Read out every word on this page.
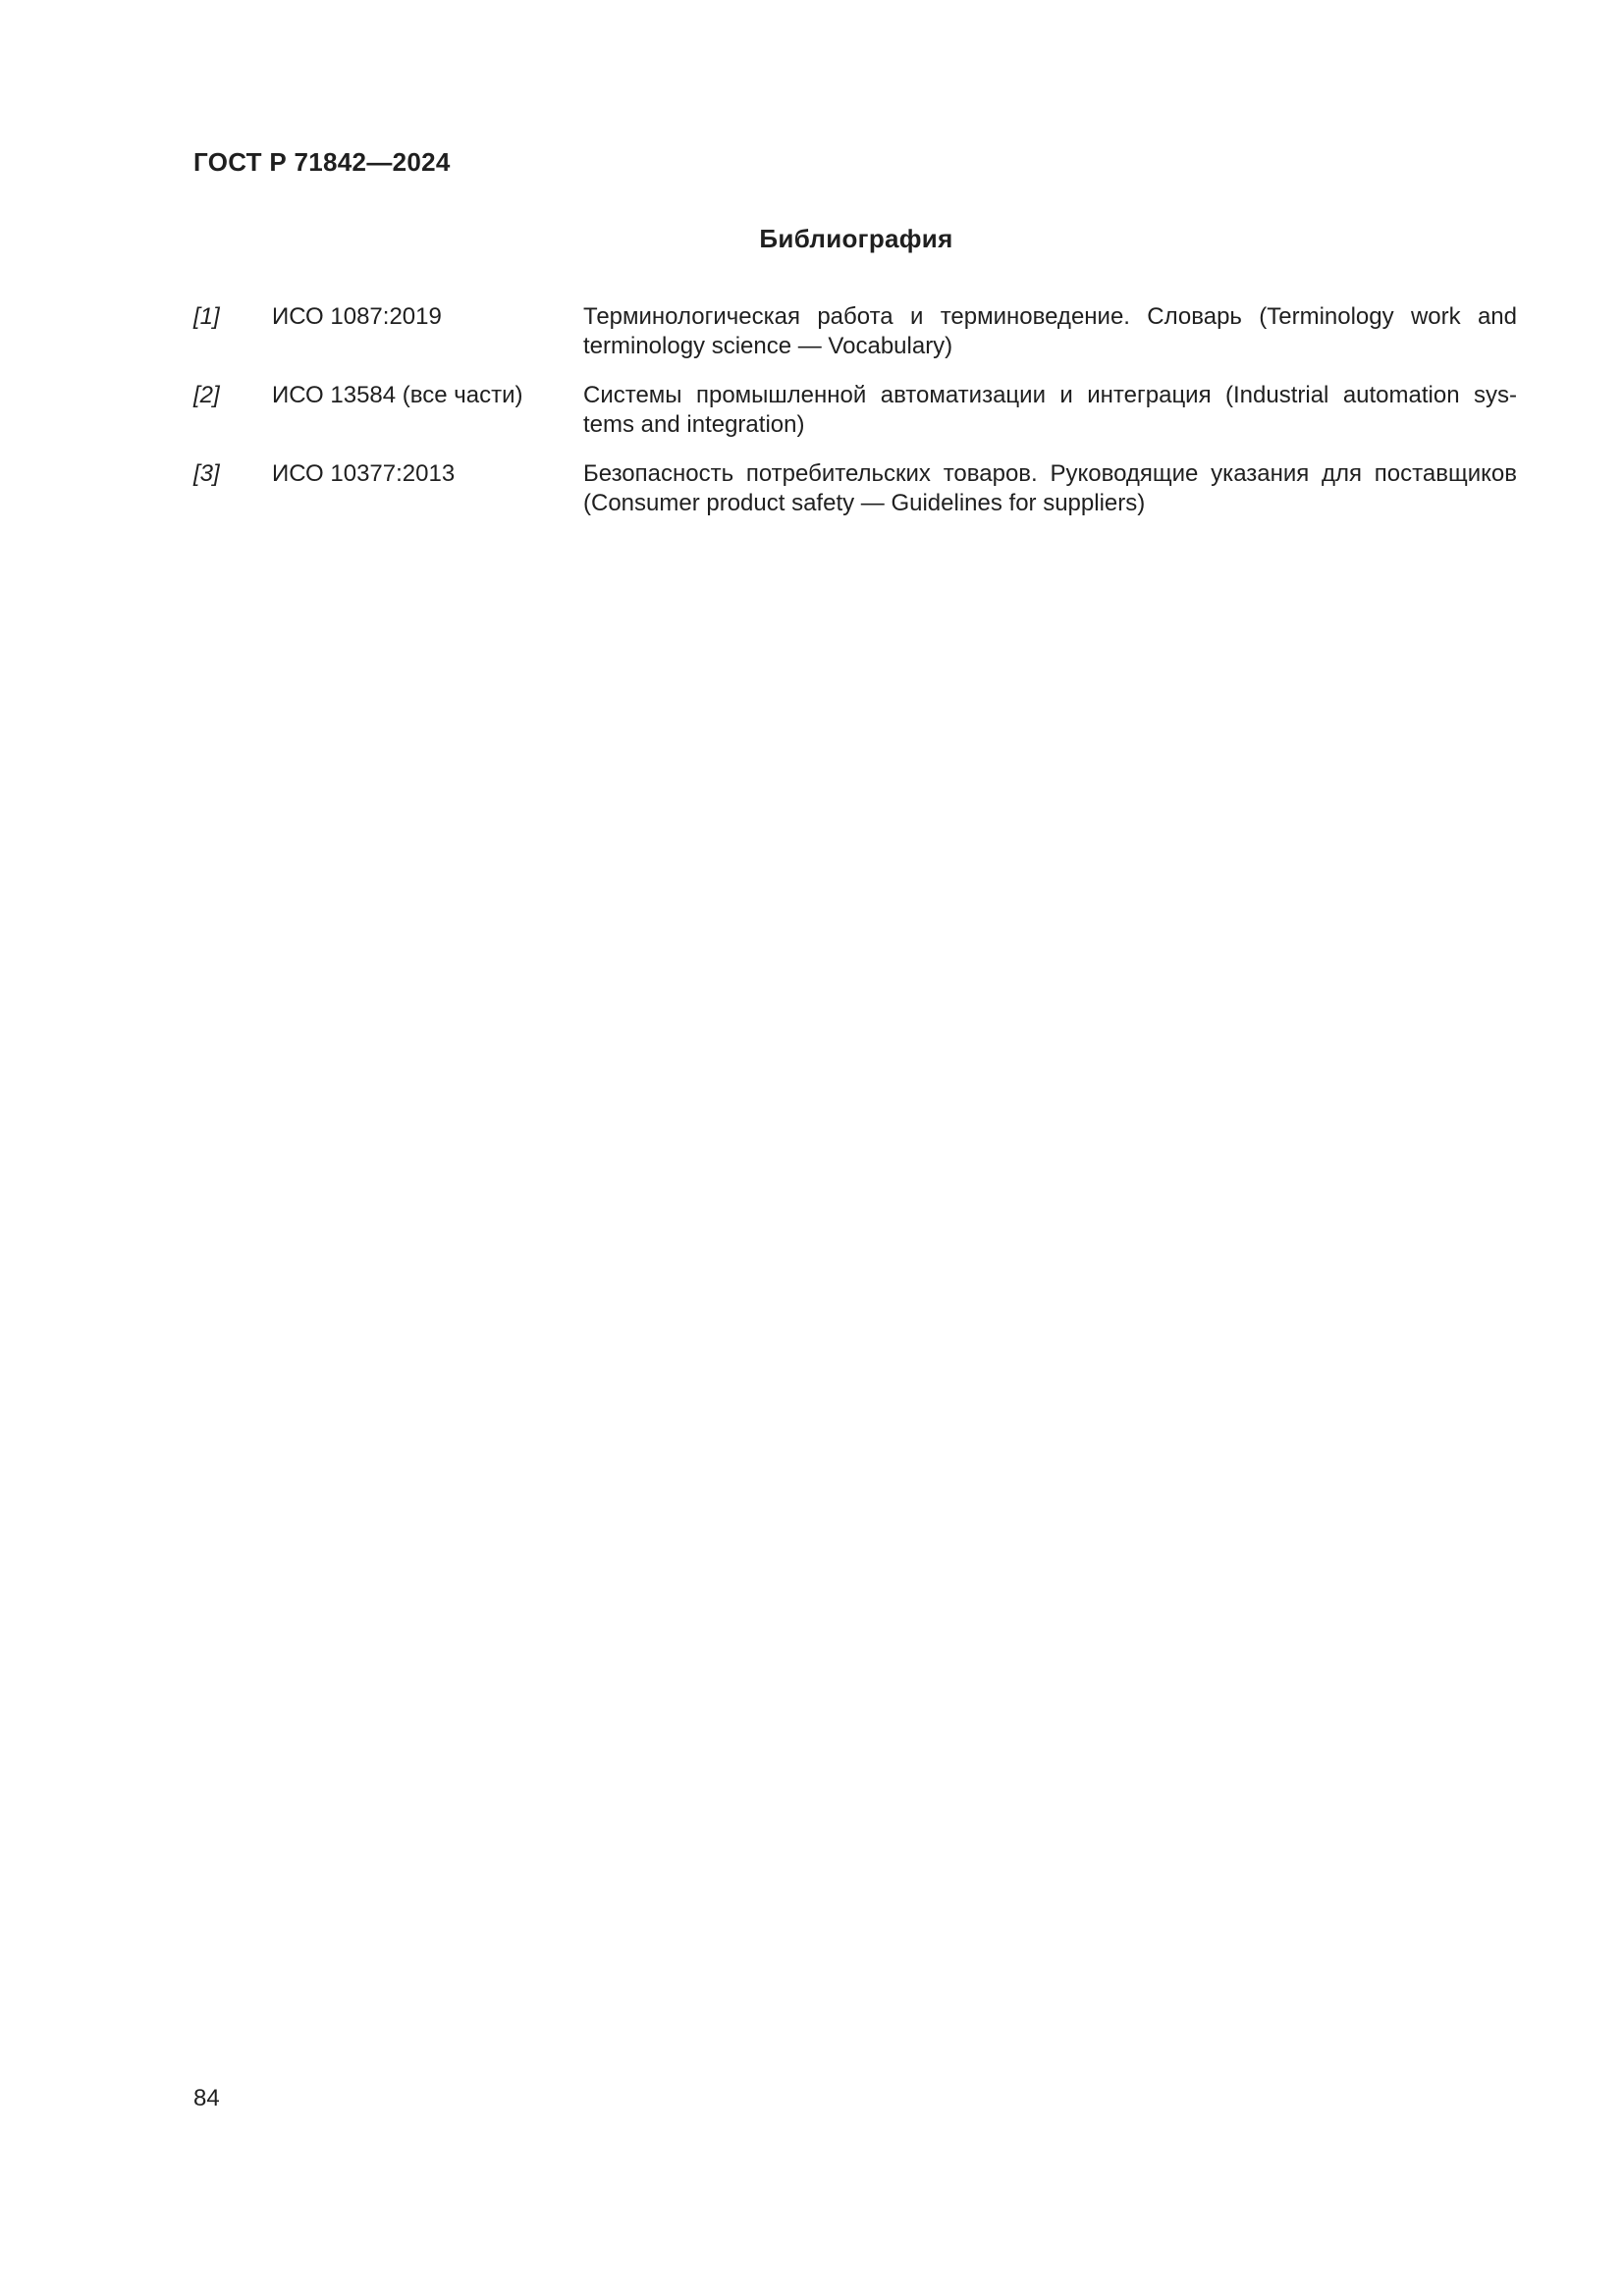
ГОСТ Р 71842—2024
Библиография
[1] ИСО 1087:2019	Терминологическая работа и терминоведение. Словарь (Terminology work and
terminology science — Vocabulary)
[2] ИСО 13584 (все части)	Системы промышленной автоматизации и интеграция (Industrial automation sys-
tems and integration)
[3] ИСО 10377:2013	Безопасность потребительских товаров. Руководящие указания для поставщиков
(Consumer product safety — Guidelines for suppliers)
84
